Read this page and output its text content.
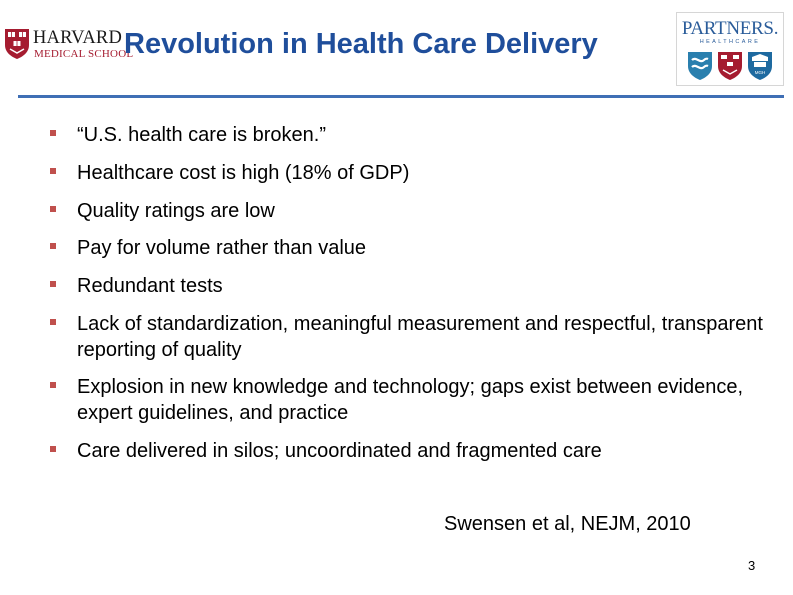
HARVARD
MEDICAL SCHOOL
Revolution in Health Care Delivery	PARTNERS.
HEALTHCARE
MGH
“U.S. health care is broken.”
Healthcare cost is high (18% of GDP)
Quality ratings are low
Pay for volume rather than value
Redundant tests
Lack of standardization, meaningful measurement and respectful, transparent reporting of quality
Explosion in new knowledge and technology; gaps exist between evidence, expert guidelines, and practice
Care delivered in silos; uncoordinated and fragmented care
Swensen et al, NEJM, 2010
3
